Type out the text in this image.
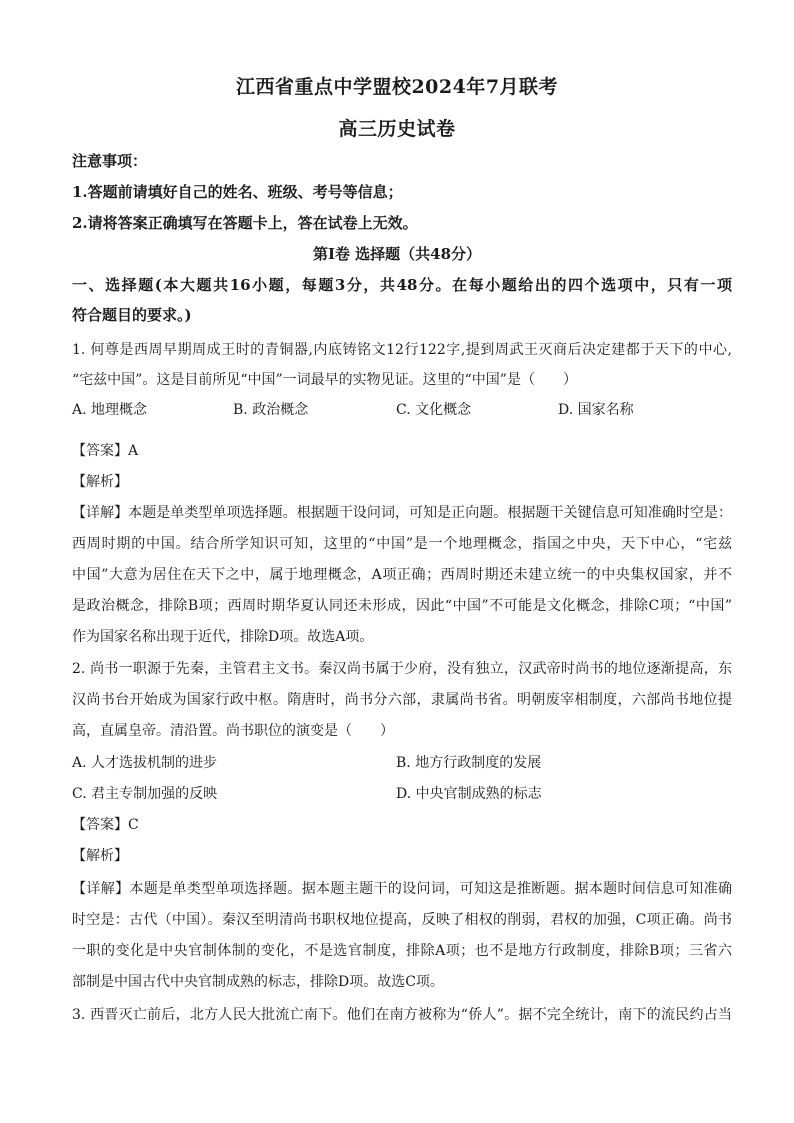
江西省重点中学盟校2024年7月联考
高三历史试卷
注意事项：
1.答题前请填好自己的姓名、班级、考号等信息；
2.请将答案正确填写在答题卡上，答在试卷上无效。
第Ⅰ卷 选择题（共48分）
一、选择题(本大题共16小题，每题3分，共48分。在每小题给出的四个选项中，只有一项
符合题目的要求。)
1. 何尊是西周早期周成王时的青铜器,内底铸铭文12行122字,提到周武王灭商后决定建都于天下的中心,
“宅兹中国”。这是目前所见“中国”一词最早的实物见证。这里的“中国”是（　　）
A. 地理概念	B. 政治概念	C. 文化概念	D. 国家名称
【答案】A
【解析】
【详解】本题是单类型单项选择题。根据题干设问词，可知是正向题。根据题干关键信息可知准确时空是：
西周时期的中国。结合所学知识可知，这里的“中国”是一个地理概念，指国之中央，天下中心，“宅兹
中国”大意为居住在天下之中，属于地理概念，A项正确；西周时期还未建立统一的中央集权国家，并不
是政治概念，排除B项；西周时期华夏认同还未形成，因此“中国”不可能是文化概念，排除C项；“中国”
作为国家名称出现于近代，排除D项。故选A项。
2. 尚书一职源于先秦，主管君主文书。秦汉尚书属于少府，没有独立，汉武帝时尚书的地位逐渐提高，东
汉尚书台开始成为国家行政中枢。隋唐时，尚书分六部，隶属尚书省。明朝废宰相制度，六部尚书地位提
高，直属皇帝。清沿置。尚书职位的演变是（　　）
A. 人才选拔机制的进步	B. 地方行政制度的发展
C. 君主专制加强的反映	D. 中央官制成熟的标志
【答案】C
【解析】
【详解】本题是单类型单项选择题。据本题主题干的设问词，可知这是推断题。据本题时间信息可知准确
时空是：古代（中国）。秦汉至明清尚书职权地位提高，反映了相权的削弱，君权的加强，C项正确。尚书
一职的变化是中央官制体制的变化，不是选官制度，排除A项；也不是地方行政制度，排除B项；三省六
部制是中国古代中央官制成熟的标志，排除D项。故选C项。
3. 西晋灭亡前后，北方人民大批流亡南下。他们在南方被称为“侨人”。据不完全统计，南下的流民约占当
